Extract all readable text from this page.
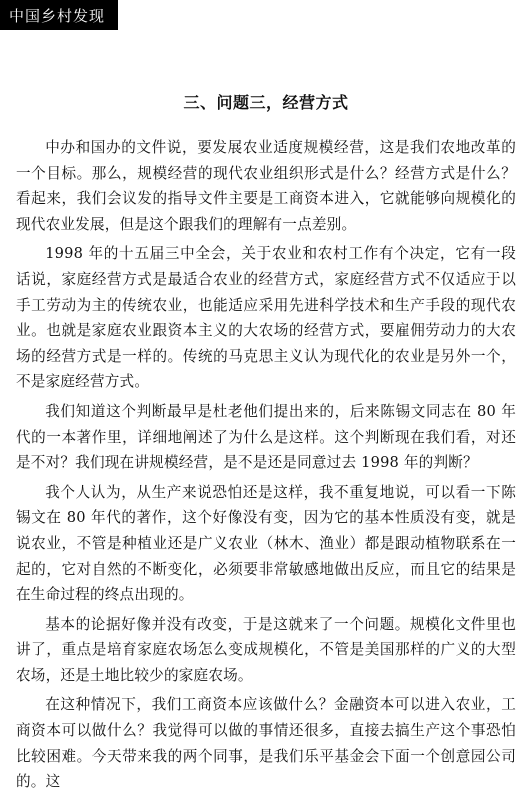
中国乡村发现
三、问题三，经营方式

中办和国办的文件说，要发展农业适度规模经营，这是我们农地改革的一个目标。那么，规模经营的现代农业组织形式是什么？经营方式是什么？看起来，我们会议发的指导文件主要是工商资本进入，它就能够向规模化的现代农业发展，但是这个跟我们的理解有一点差别。

1998 年的十五届三中全会，关于农业和农村工作有个决定，它有一段话说，家庭经营方式是最适合农业的经营方式，家庭经营方式不仅适应于以手工劳动为主的传统农业，也能适应采用先进科学技术和生产手段的现代农业。也就是家庭农业跟资本主义的大农场的经营方式，要雇佣劳动力的大农场的经营方式是一样的。传统的马克思主义认为现代化的农业是另外一个，不是家庭经营方式。

我们知道这个判断最早是杜老他们提出来的，后来陈锡文同志在 80 年代的一本著作里，详细地阐述了为什么是这样。这个判断现在我们看，对还是不对？我们现在讲规模经营，是不是还是同意过去 1998 年的判断？

我个人认为，从生产来说恐怕还是这样，我不重复地说，可以看一下陈锡文在 80 年代的著作，这个好像没有变，因为它的基本性质没有变，就是说农业，不管是种植业还是广义农业（林木、渔业）都是跟动植物联系在一起的，它对自然的不断变化，必须要非常敏感地做出反应，而且它的结果是在生命过程的终点出现的。

基本的论据好像并没有改变，于是这就来了一个问题。规模化文件里也讲了，重点是培育家庭农场怎么变成规模化，不管是美国那样的广义的大型农场，还是土地比较少的家庭农场。

在这种情况下，我们工商资本应该做什么？金融资本可以进入农业，工商资本可以做什么？我觉得可以做的事情还很多，直接去搞生产这个事恐怕比较困难。今天带来我的两个同事，是我们乐平基金会下面一个创意园公司的。这
